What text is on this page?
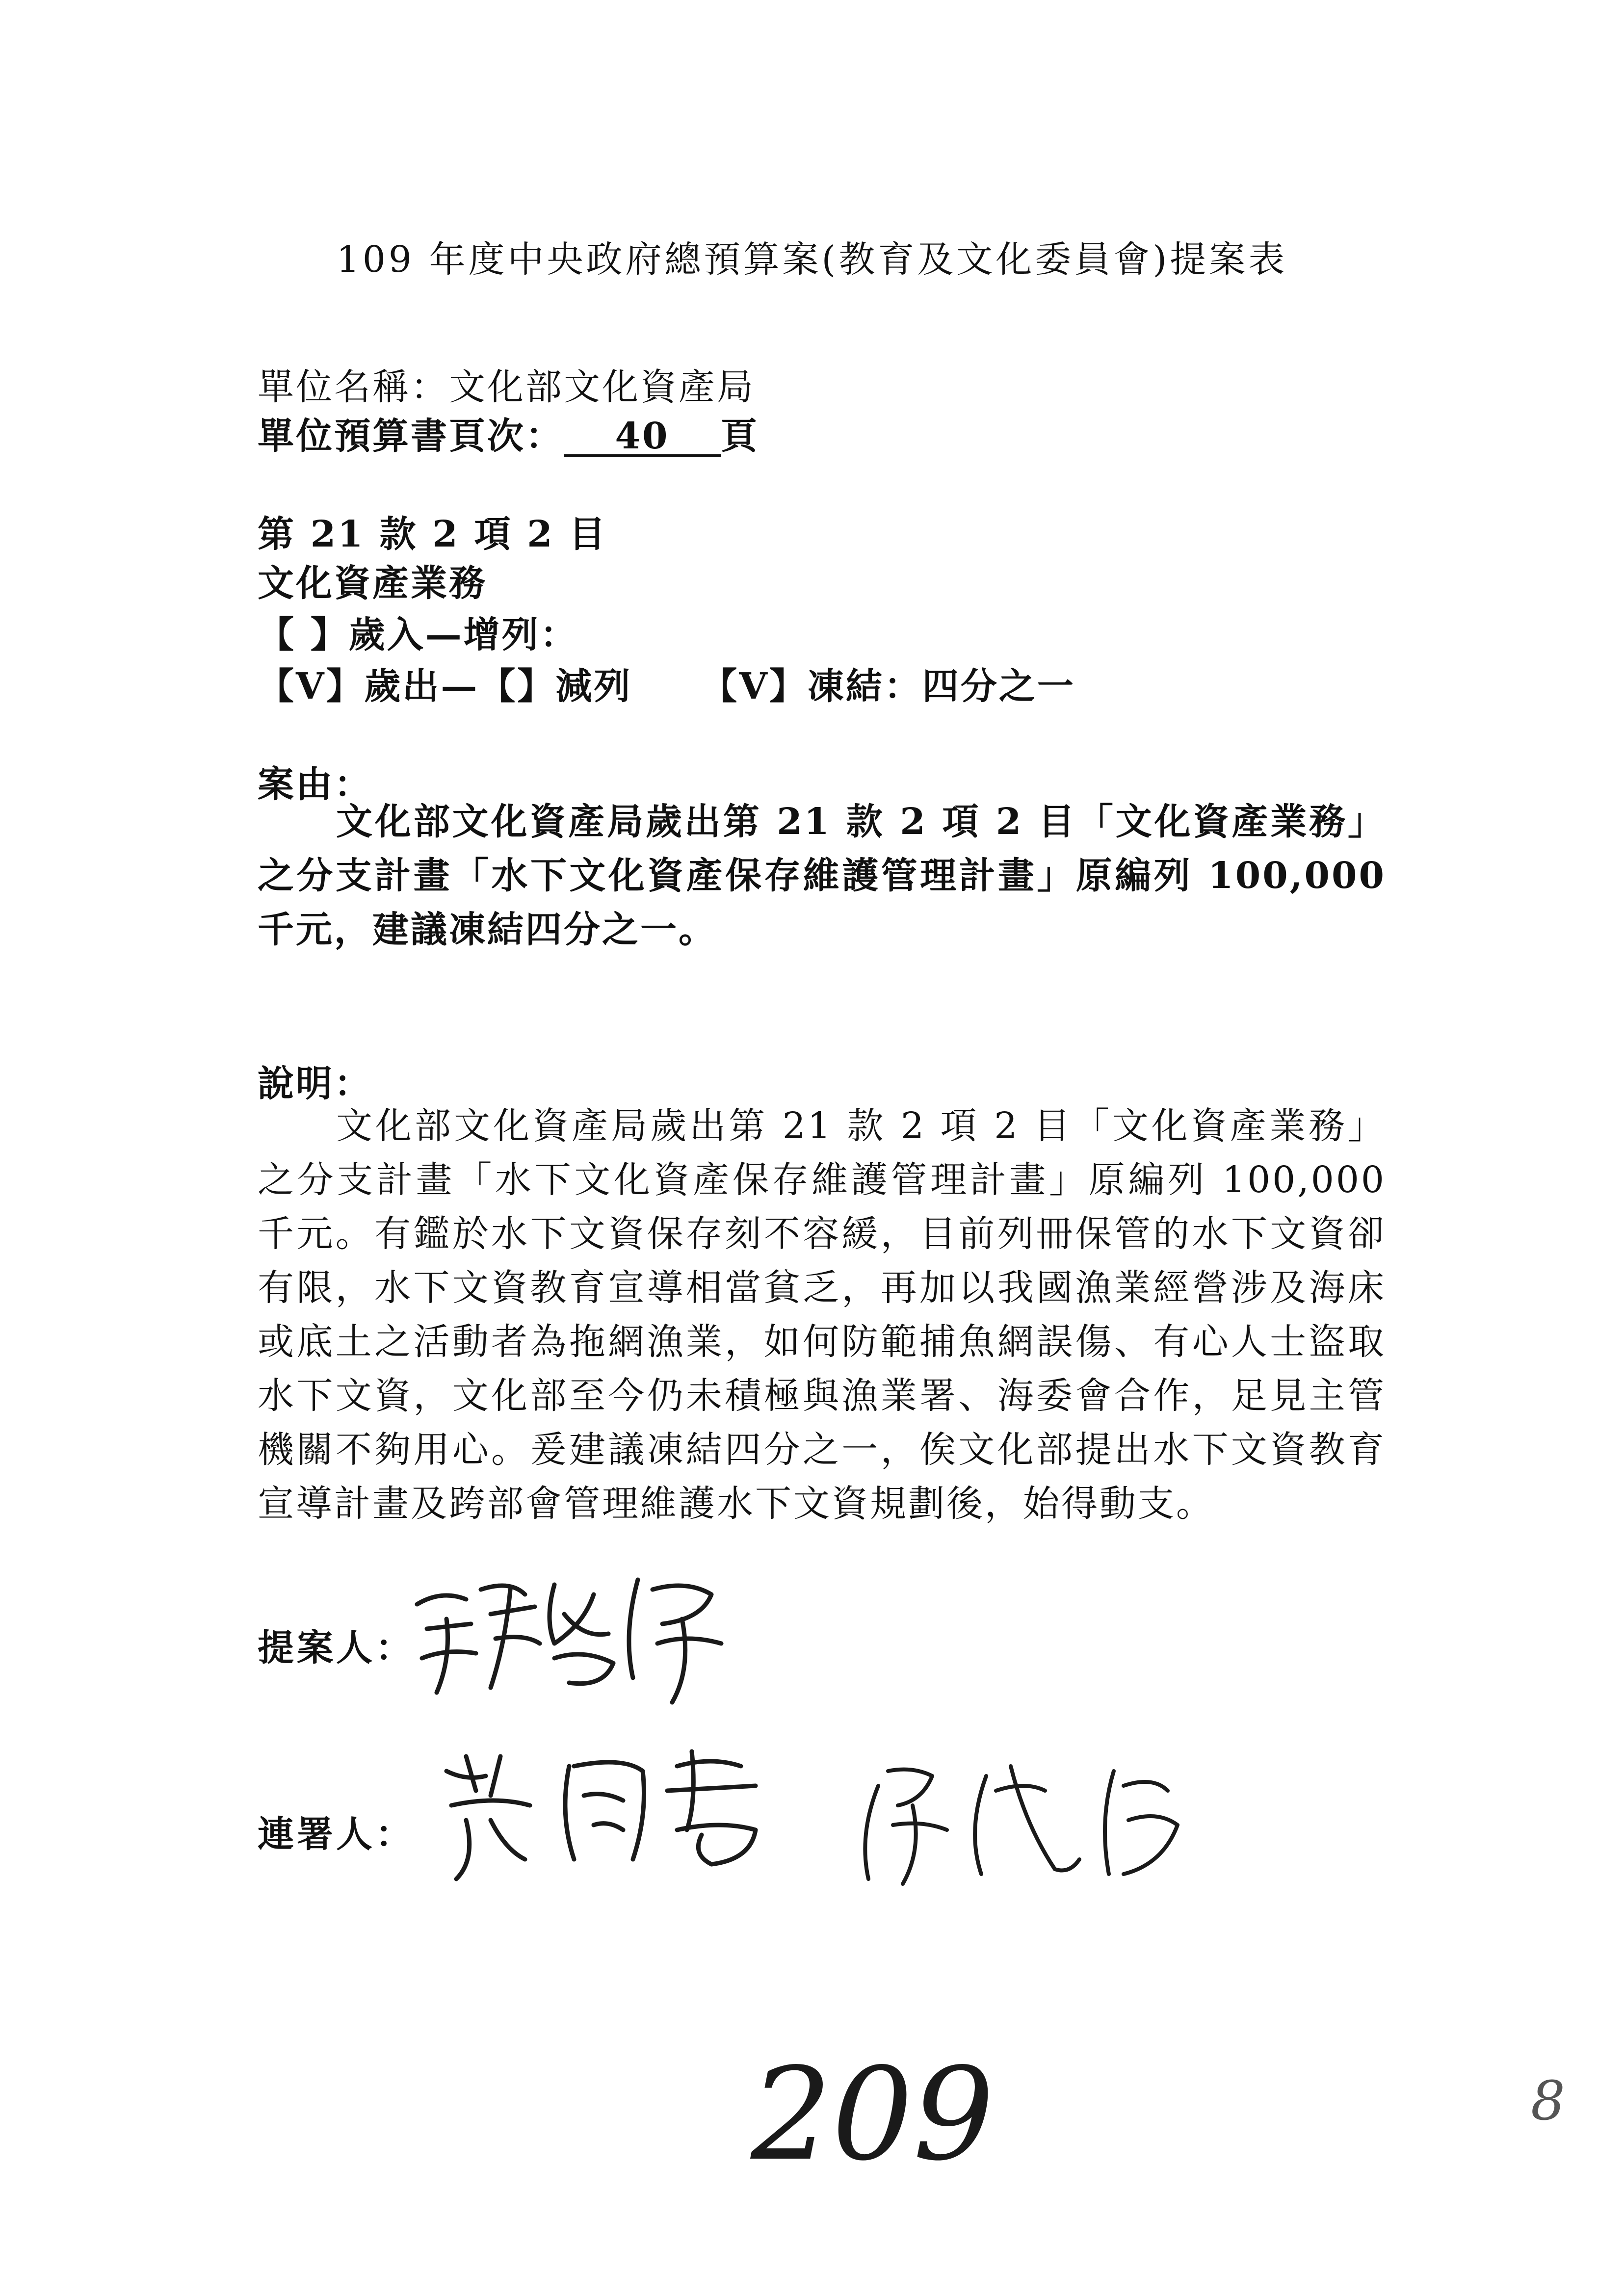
109 年度中央政府總預算案(教育及文化委員會)提案表
單位名稱：文化部文化資產局
單位預算書頁次： 40 頁
第 21 款 2 項 2 目
文化資產業務
【 】歲入—增列：
【V】歲出—【】減列 【V】凍結：四分之一
案由：
文化部文化資產局歲出第 21 款 2 項 2 目「文化資產業務」之分支計畫「水下文化資產保存維護管理計畫」原編列 100,000 千元，建議凍結四分之一。
說明：
文化部文化資產局歲出第 21 款 2 項 2 目「文化資產業務」之分支計畫「水下文化資產保存維護管理計畫」原編列 100,000 千元。有鑑於水下文資保存刻不容緩，目前列冊保管的水下文資卻有限，水下文資教育宣導相當貧乏，再加以我國漁業經營涉及海床或底土之活動者為拖網漁業，如何防範捕魚網誤傷、有心人士盜取水下文資，文化部至今仍未積極與漁業署、海委會合作，足見主管機關不夠用心。爰建議凍結四分之一，俟文化部提出水下文資教育宣導計畫及跨部會管理維護水下文資規劃後，始得動支。
提案人：
連署人：
209	8
